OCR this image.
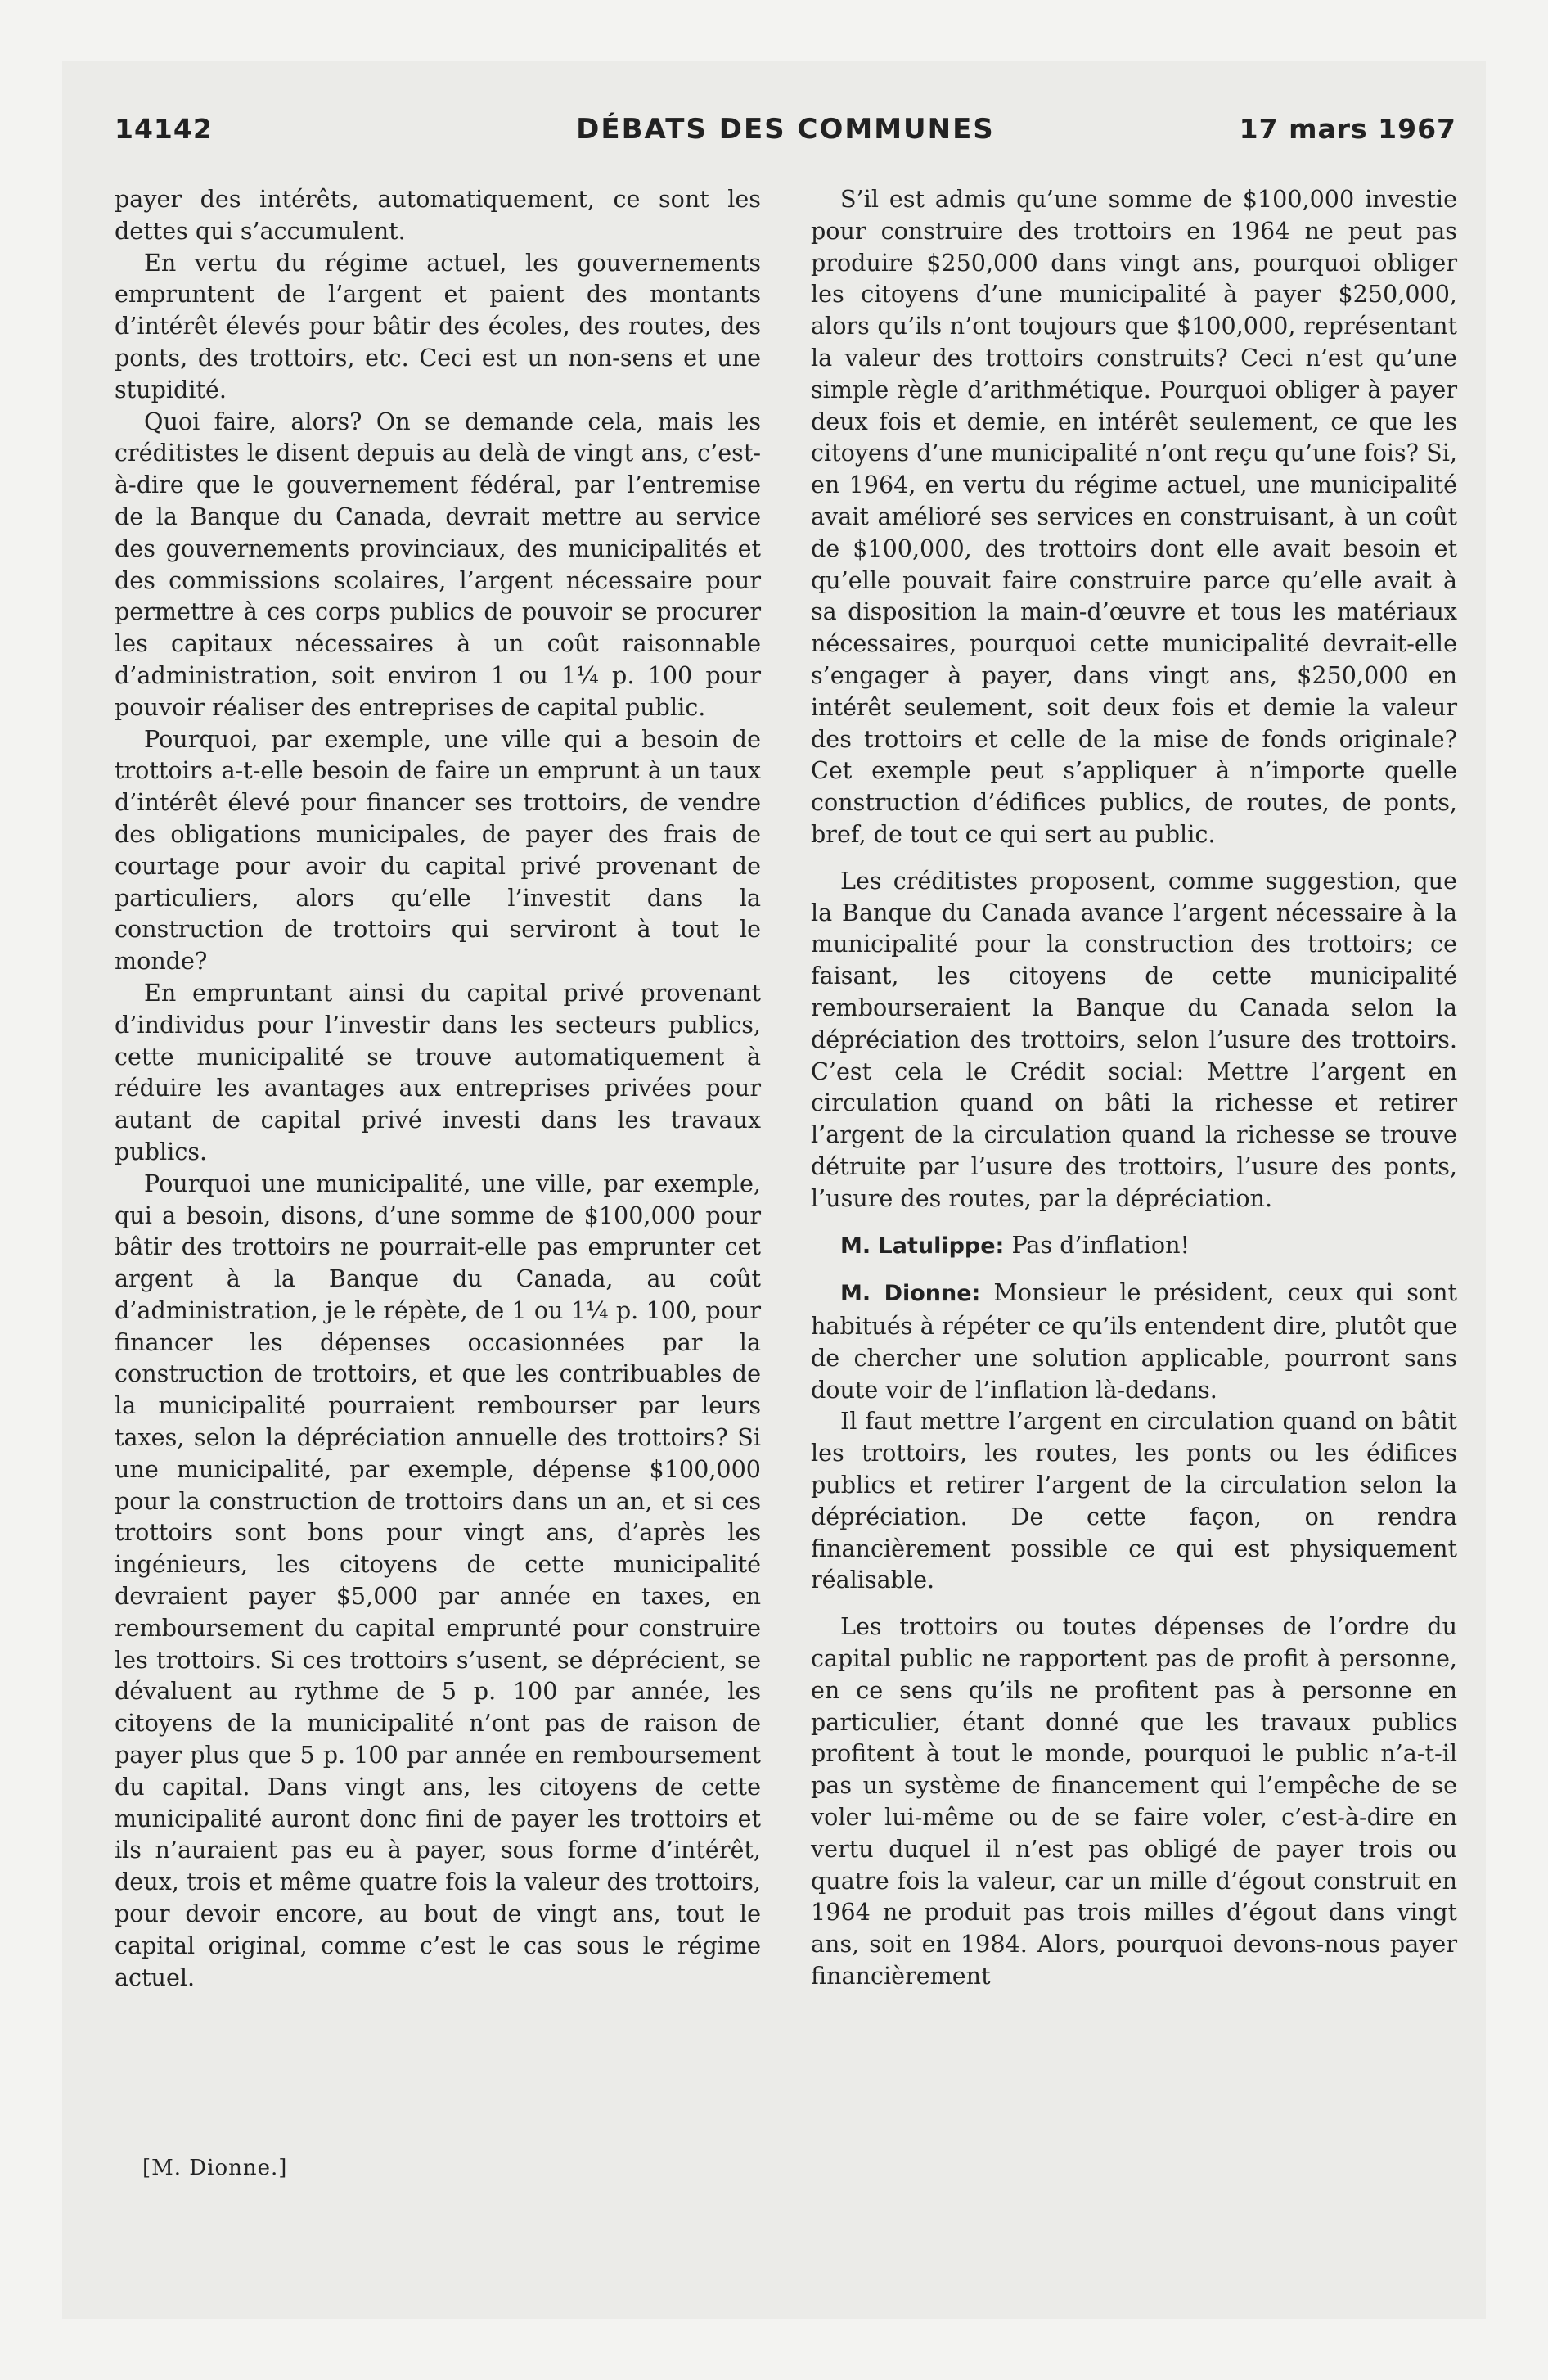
14142	DÉBATS DES COMMUNES	17 mars 1967

payer des intérêts, automatiquement, ce sont les dettes qui s’accumulent.

En vertu du régime actuel, les gouvernements empruntent de l’argent et paient des montants d’intérêt élevés pour bâtir des écoles, des routes, des ponts, des trottoirs, etc. Ceci est un non-sens et une stupidité.

Quoi faire, alors? On se demande cela, mais les créditistes le disent depuis au delà de vingt ans, c’est-à-dire que le gouvernement fédéral, par l’entremise de la Banque du Canada, devrait mettre au service des gouvernements provinciaux, des municipalités et des commissions scolaires, l’argent nécessaire pour permettre à ces corps publics de pouvoir se procurer les capitaux nécessaires à un coût raisonnable d’administration, soit environ 1 ou 1¼ p. 100 pour pouvoir réaliser des entreprises de capital public.

Pourquoi, par exemple, une ville qui a besoin de trottoirs a-t-elle besoin de faire un emprunt à un taux d’intérêt élevé pour financer ses trottoirs, de vendre des obligations municipales, de payer des frais de courtage pour avoir du capital privé provenant de particuliers, alors qu’elle l’investit dans la construction de trottoirs qui serviront à tout le monde?

En empruntant ainsi du capital privé provenant d’individus pour l’investir dans les secteurs publics, cette municipalité se trouve automatiquement à réduire les avantages aux entreprises privées pour autant de capital privé investi dans les travaux publics.

Pourquoi une municipalité, une ville, par exemple, qui a besoin, disons, d’une somme de $100,000 pour bâtir des trottoirs ne pourrait-elle pas emprunter cet argent à la Banque du Canada, au coût d’administration, je le répète, de 1 ou 1¼ p. 100, pour financer les dépenses occasionnées par la construction de trottoirs, et que les contribuables de la municipalité pourraient rembourser par leurs taxes, selon la dépréciation annuelle des trottoirs? Si une municipalité, par exemple, dépense $100,000 pour la construction de trottoirs dans un an, et si ces trottoirs sont bons pour vingt ans, d’après les ingénieurs, les citoyens de cette municipalité devraient payer $5,000 par année en taxes, en remboursement du capital emprunté pour construire les trottoirs. Si ces trottoirs s’usent, se déprécient, se dévaluent au rythme de 5 p. 100 par année, les citoyens de la municipalité n’ont pas de raison de payer plus que 5 p. 100 par année en remboursement du capital. Dans vingt ans, les citoyens de cette municipalité auront donc fini de payer les trottoirs et ils n’auraient pas eu à payer, sous forme d’intérêt, deux, trois et même quatre fois la valeur des trottoirs, pour devoir encore, au bout de vingt ans, tout le capital original, comme c’est le cas sous le régime actuel.

[M. Dionne.]

S’il est admis qu’une somme de $100,000 investie pour construire des trottoirs en 1964 ne peut pas produire $250,000 dans vingt ans, pourquoi obliger les citoyens d’une municipalité à payer $250,000, alors qu’ils n’ont toujours que $100,000, représentant la valeur des trottoirs construits? Ceci n’est qu’une simple règle d’arithmétique. Pourquoi obliger à payer deux fois et demie, en intérêt seulement, ce que les citoyens d’une municipalité n’ont reçu qu’une fois? Si, en 1964, en vertu du régime actuel, une municipalité avait amélioré ses services en construisant, à un coût de $100,000, des trottoirs dont elle avait besoin et qu’elle pouvait faire construire parce qu’elle avait à sa disposition la main-d’œuvre et tous les matériaux nécessaires, pourquoi cette municipalité devrait-elle s’engager à payer, dans vingt ans, $250,000 en intérêt seulement, soit deux fois et demie la valeur des trottoirs et celle de la mise de fonds originale? Cet exemple peut s’appliquer à n’importe quelle construction d’édifices publics, de routes, de ponts, bref, de tout ce qui sert au public.

Les créditistes proposent, comme suggestion, que la Banque du Canada avance l’argent nécessaire à la municipalité pour la construction des trottoirs; ce faisant, les citoyens de cette municipalité rembourseraient la Banque du Canada selon la dépréciation des trottoirs, selon l’usure des trottoirs. C’est cela le Crédit social: Mettre l’argent en circulation quand on bâti la richesse et retirer l’argent de la circulation quand la richesse se trouve détruite par l’usure des trottoirs, l’usure des ponts, l’usure des routes, par la dépréciation.

M. Latulippe: Pas d’inflation!

M. Dionne: Monsieur le président, ceux qui sont habitués à répéter ce qu’ils entendent dire, plutôt que de chercher une solution applicable, pourront sans doute voir de l’inflation là-dedans.

Il faut mettre l’argent en circulation quand on bâtit les trottoirs, les routes, les ponts ou les édifices publics et retirer l’argent de la circulation selon la dépréciation. De cette façon, on rendra financièrement possible ce qui est physiquement réalisable.

Les trottoirs ou toutes dépenses de l’ordre du capital public ne rapportent pas de profit à personne, en ce sens qu’ils ne profitent pas à personne en particulier, étant donné que les travaux publics profitent à tout le monde, pourquoi le public n’a-t-il pas un système de financement qui l’empêche de se voler lui-même ou de se faire voler, c’est-à-dire en vertu duquel il n’est pas obligé de payer trois ou quatre fois la valeur, car un mille d’égout construit en 1964 ne produit pas trois milles d’égout dans vingt ans, soit en 1984. Alors, pourquoi devons-nous payer financièrement
